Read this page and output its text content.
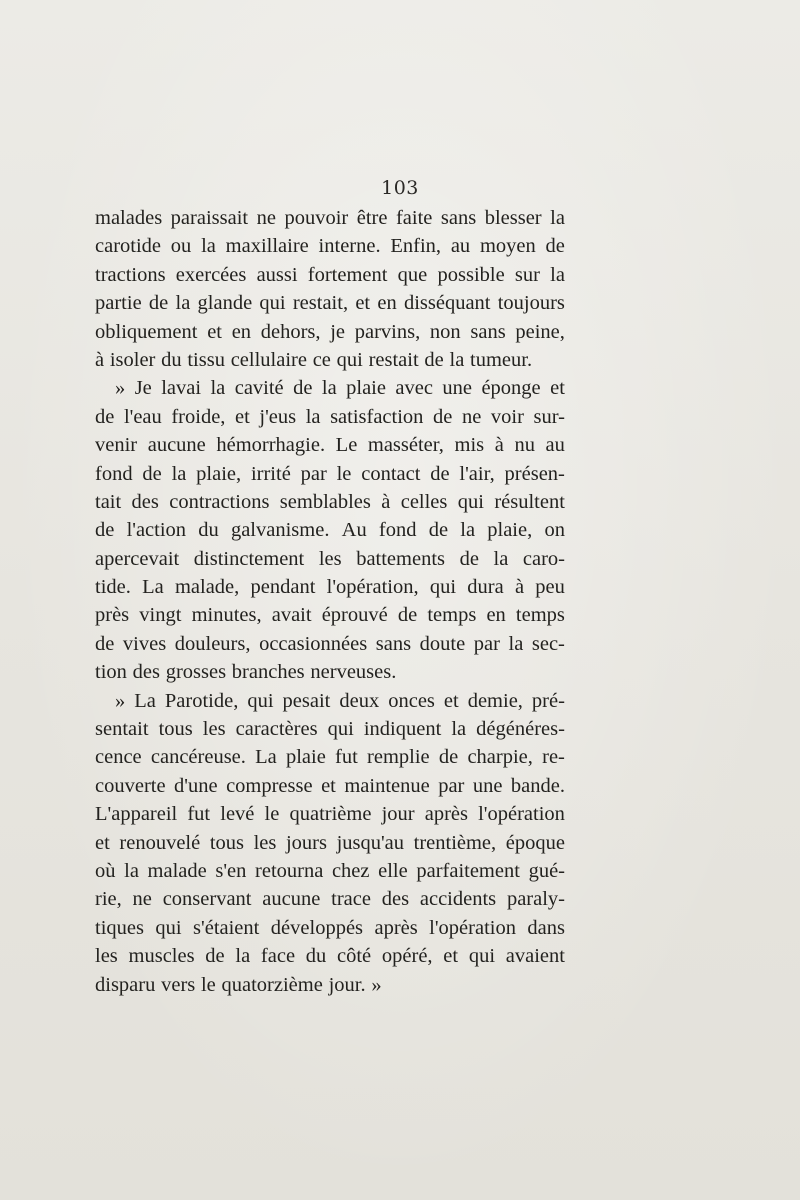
103
malades paraissait ne pouvoir être faite sans blesser la
carotide ou la maxillaire interne. Enfin, au moyen de
tractions exercées aussi fortement que possible sur la
partie de la glande qui restait, et en disséquant toujours
obliquement et en dehors, je parvins, non sans peine,
à isoler du tissu cellulaire ce qui restait de la tumeur.
» Je lavai la cavité de la plaie avec une éponge et
de l'eau froide, et j'eus la satisfaction de ne voir sur-
venir aucune hémorrhagie. Le masséter, mis à nu au
fond de la plaie, irrité par le contact de l'air, présen-
tait des contractions semblables à celles qui résultent
de l'action du galvanisme. Au fond de la plaie, on
apercevait distinctement les battements de la caro-
tide. La malade, pendant l'opération, qui dura à peu
près vingt minutes, avait éprouvé de temps en temps
de vives douleurs, occasionnées sans doute par la sec-
tion des grosses branches nerveuses.
» La Parotide, qui pesait deux onces et demie, pré-
sentait tous les caractères qui indiquent la dégénéres-
cence cancéreuse. La plaie fut remplie de charpie, re-
couverte d'une compresse et maintenue par une bande.
L'appareil fut levé le quatrième jour après l'opération
et renouvelé tous les jours jusqu'au trentième, époque
où la malade s'en retourna chez elle parfaitement gué-
rie, ne conservant aucune trace des accidents paraly-
tiques qui s'étaient développés après l'opération dans
les muscles de la face du côté opéré, et qui avaient
disparu vers le quatorzième jour. »
